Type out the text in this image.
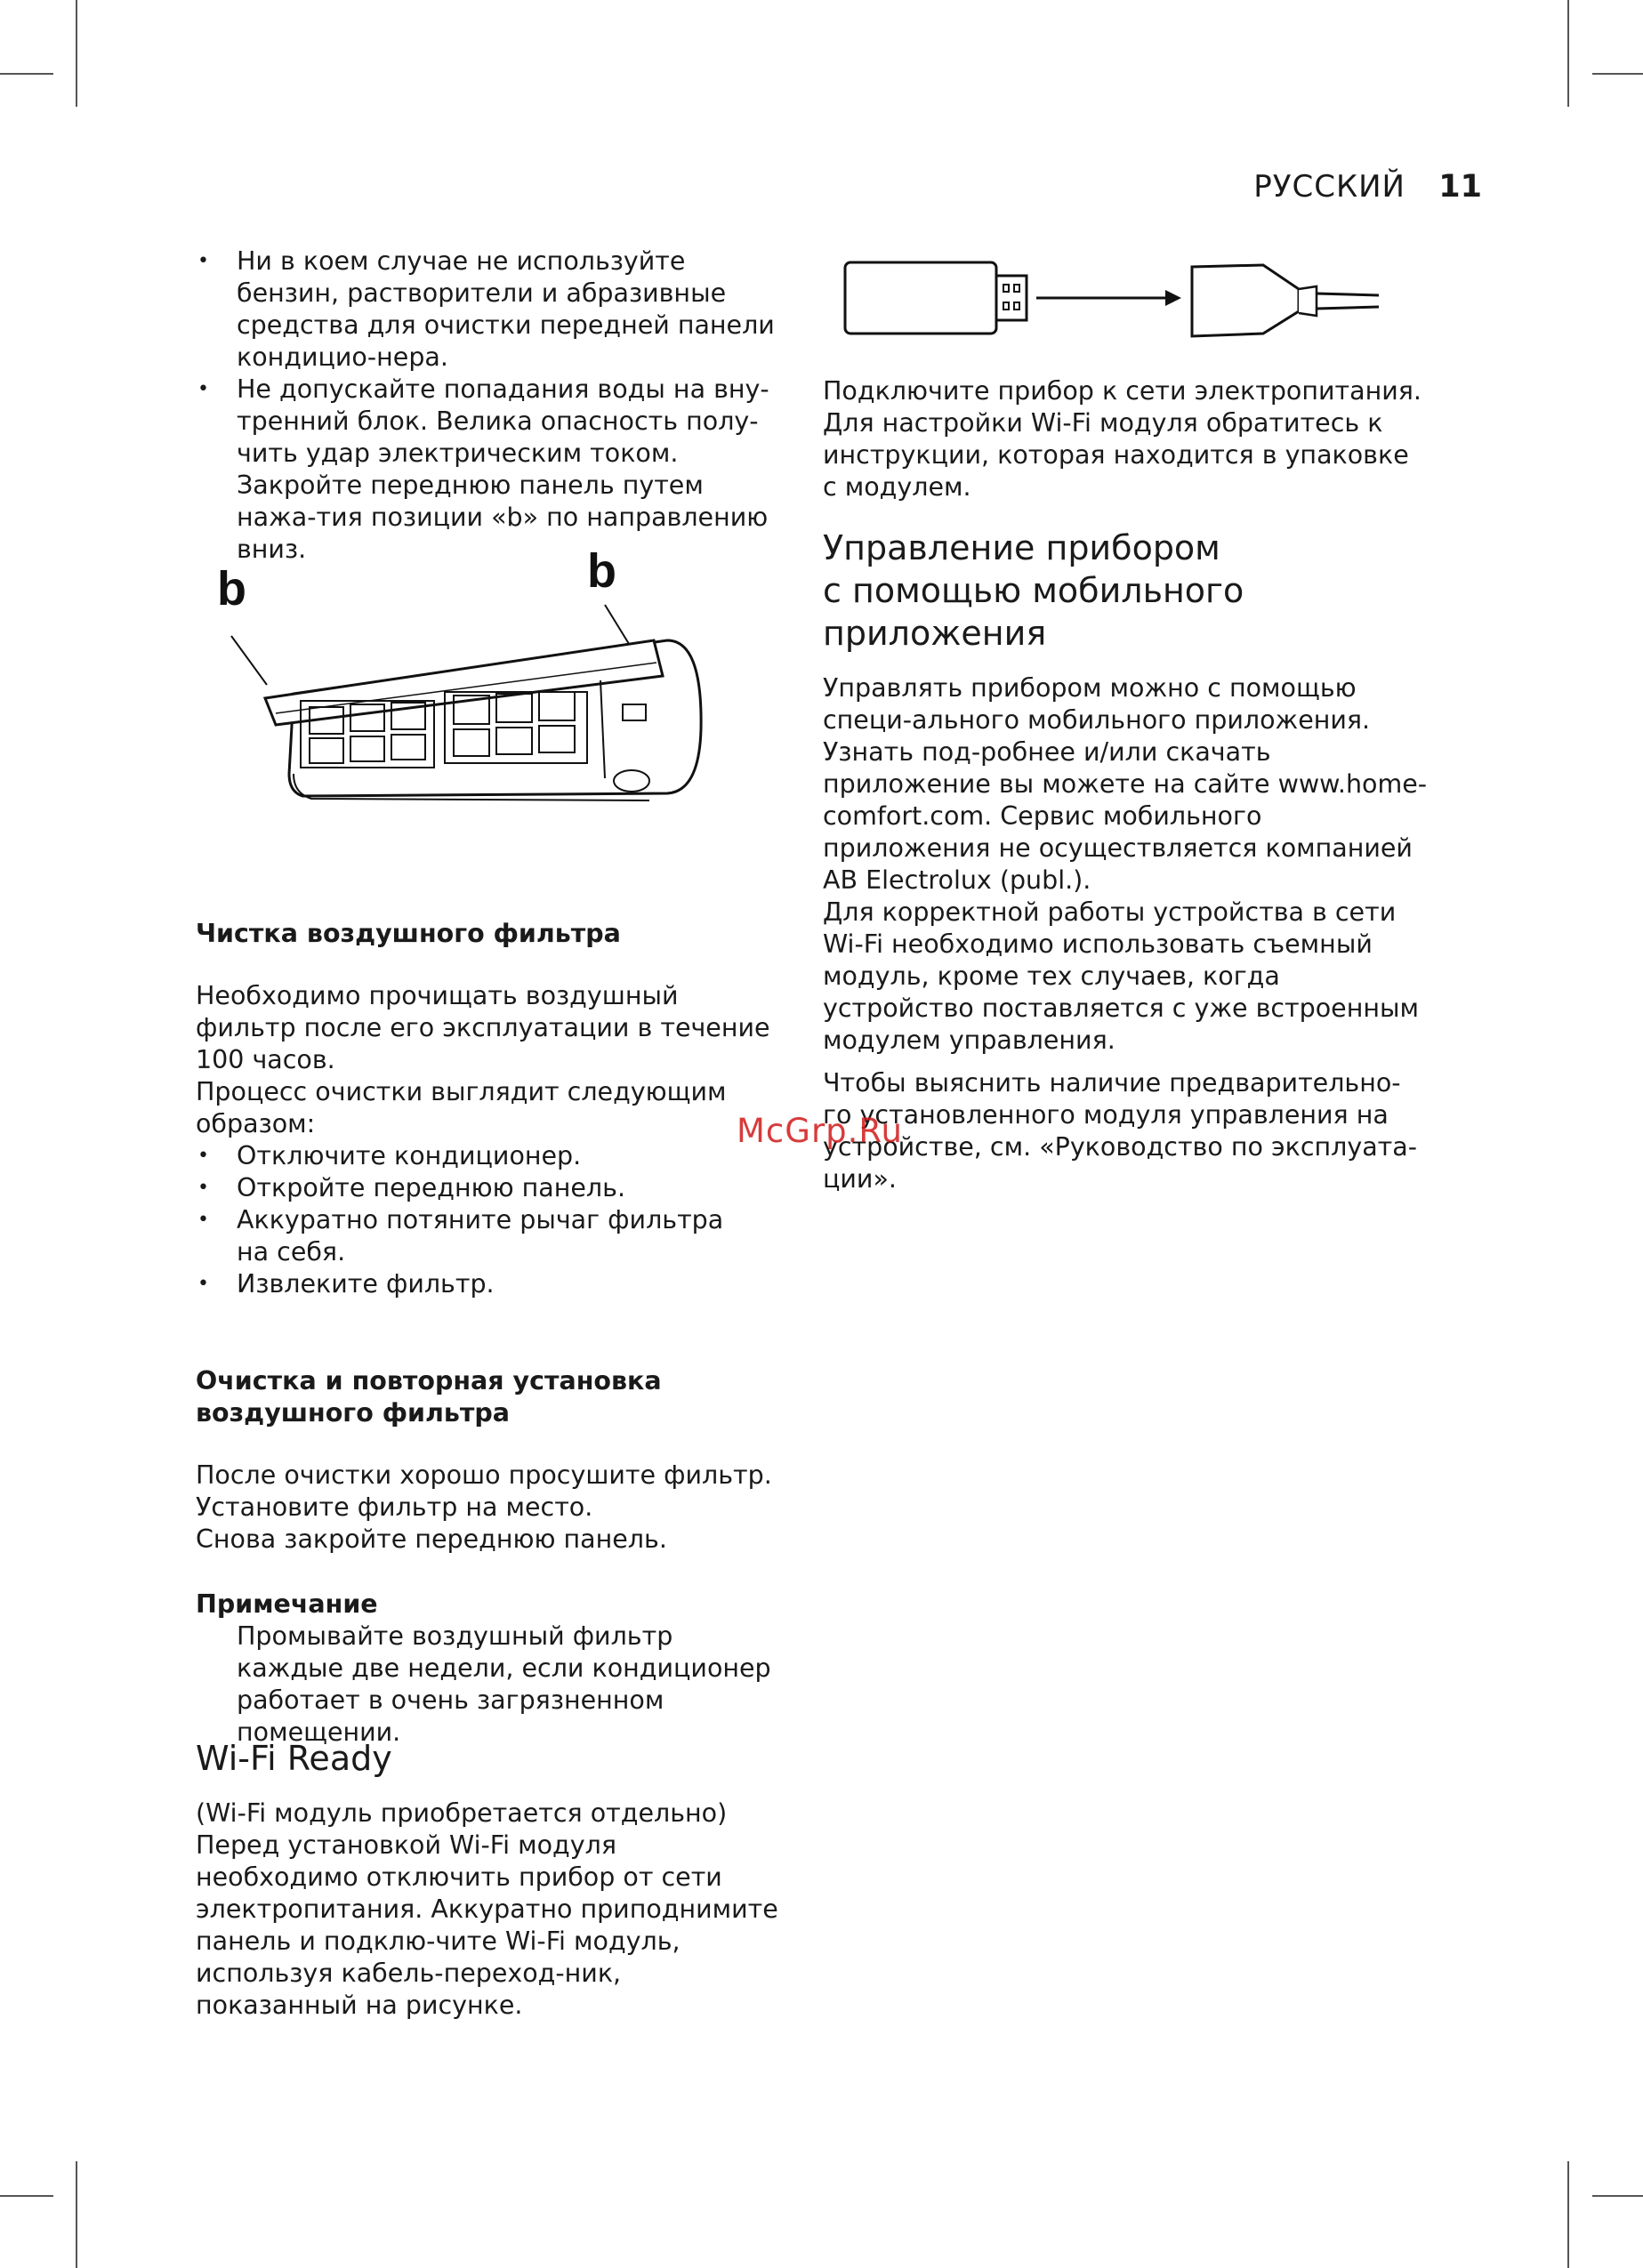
РУССКИЙ 11
• Ни в коем случае не используйте бензин, растворители и абразивные средства для очистки передней панели кондицио-нера.
• Не допускайте попадания воды на вну-тренний блок. Велика опасность полу-чить удар электрическим током. Закройте переднюю панель путем нажа-тия позиции «b» по направлению вниз.
b	b
Чистка воздушного фильтра

Необходимо прочищать воздушный фильтр после его эксплуатации в течение 100 часов.

Процесс очистки выглядит следующим образом:

• Отключите кондиционер.
• Откройте переднюю панель.
• Аккуратно потяните рычаг фильтра на себя.
• Извлеките фильтр.
Очистка и повторная установка
воздушного фильтра

После очистки хорошо просушите фильтр.

Установите фильтр на место.

Снова закройте переднюю панель.

Примечание

Промывайте воздушный фильтр каждые две недели, если кондиционер работает в очень загрязненном помещении.

Wi-Fi Ready

(Wi-Fi модуль приобретается отдельно) Перед установкой Wi-Fi модуля необходимо отключить прибор от сети электропитания. Аккуратно приподнимите панель и подклю-чите Wi-Fi модуль, используя кабель-переход-ник, показанный на рисунке.

Подключите прибор к сети электропитания. Для настройки Wi-Fi модуля обратитесь к инструкции, которая находится в упаковке с модулем.

Управление прибором
с помощью мобильного
приложения

Управлять прибором можно с помощью специ-ального мобильного приложения. Узнать под-робнее и/или скачать приложение вы можете на сайте www.home-comfort.com. Сервис мобильного приложения не осуществляется компанией AB Electrolux (publ.).

Для корректной работы устройства в сети Wi-Fi необходимо использовать съемный модуль, кроме тех случаев, когда устройство поставляется с уже встроенным модулем управления.

Чтобы выяснить наличие предварительно-го установленного модуля управления на устройстве, см. «Руководство по эксплуата-ции».

McGrp.Ru
